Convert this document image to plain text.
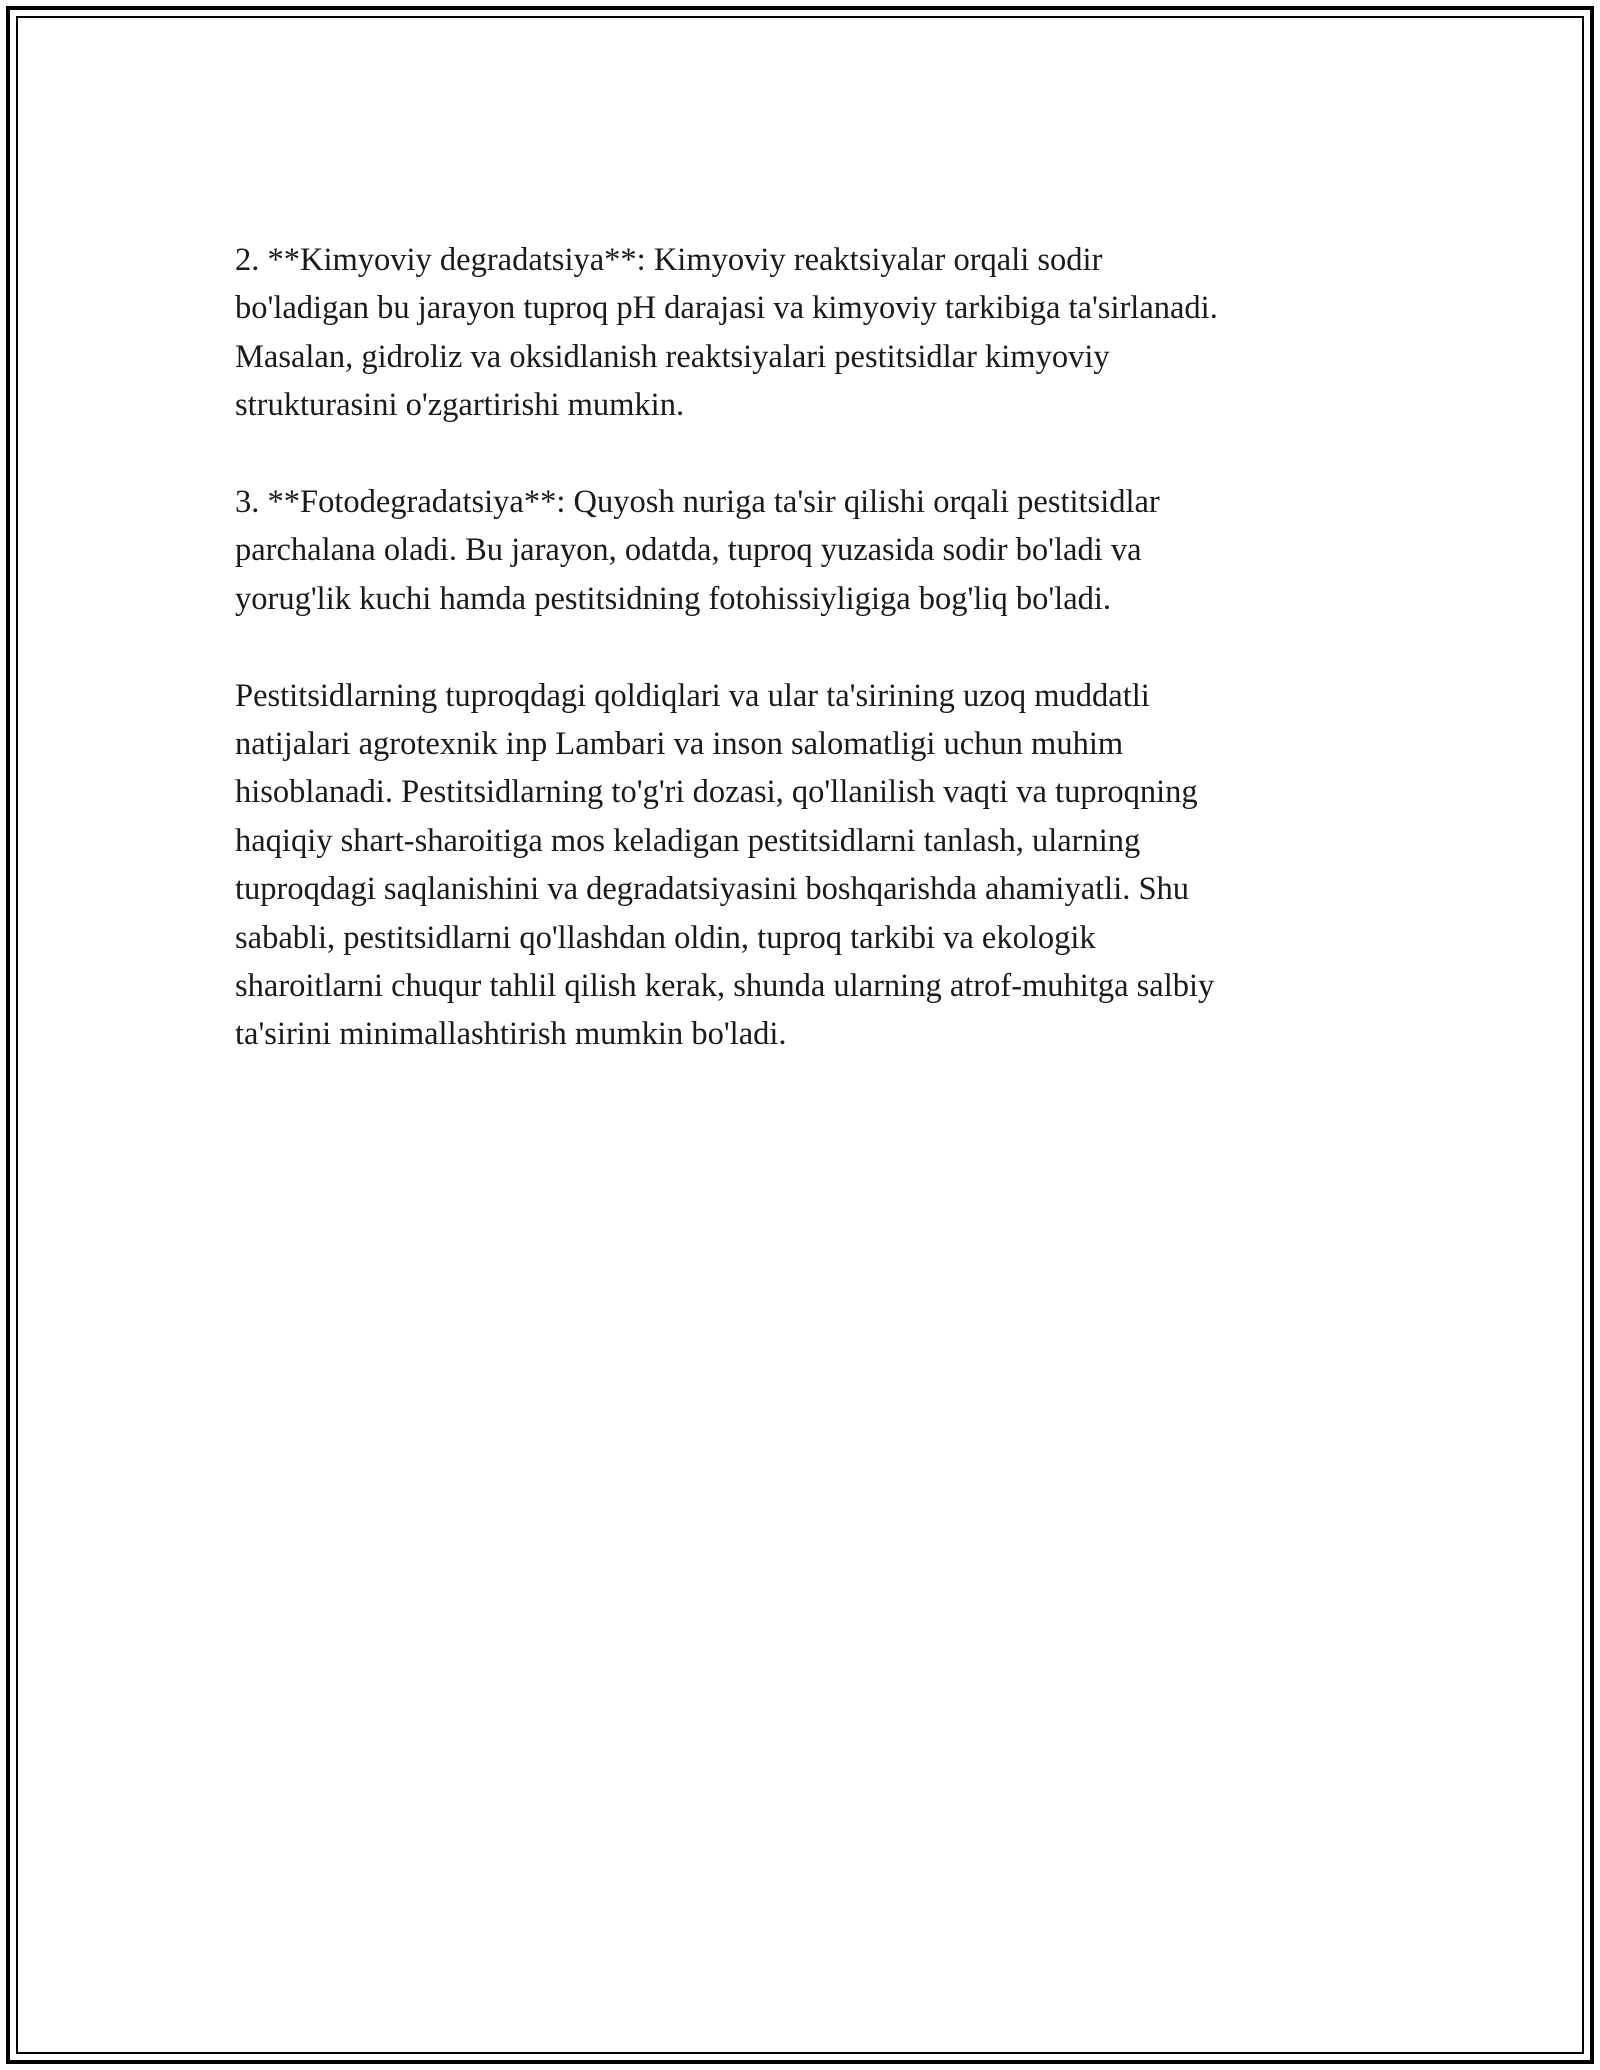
2. **Kimyoviy degradatsiya**: Kimyoviy reaktsiyalar orqali sodir
bo'ladigan bu jarayon tuproq pH darajasi va kimyoviy tarkibiga ta'sirlanadi.
Masalan, gidroliz va oksidlanish reaktsiyalari pestitsidlar kimyoviy
strukturasini o'zgartirishi mumkin.

3. **Fotodegradatsiya**: Quyosh nuriga ta'sir qilishi orqali pestitsidlar
parchalana oladi. Bu jarayon, odatda, tuproq yuzasida sodir bo'ladi va
yorug'lik kuchi hamda pestitsidning fotohissiyligiga bog'liq bo'ladi.

Pestitsidlarning tuproqdagi qoldiqlari va ular ta'sirining uzoq muddatli
natijalari agrotexnik inp Lambari va inson salomatligi uchun muhim
hisoblanadi. Pestitsidlarning to'g'ri dozasi, qo'llanilish vaqti va tuproqning
haqiqiy shart-sharoitiga mos keladigan pestitsidlarni tanlash, ularning
tuproqdagi saqlanishini va degradatsiyasini boshqarishda ahamiyatli. Shu
sababli, pestitsidlarni qo'llashdan oldin, tuproq tarkibi va ekologik
sharoitlarni chuqur tahlil qilish kerak, shunda ularning atrof-muhitga salbiy
ta'sirini minimallashtirish mumkin bo'ladi.
